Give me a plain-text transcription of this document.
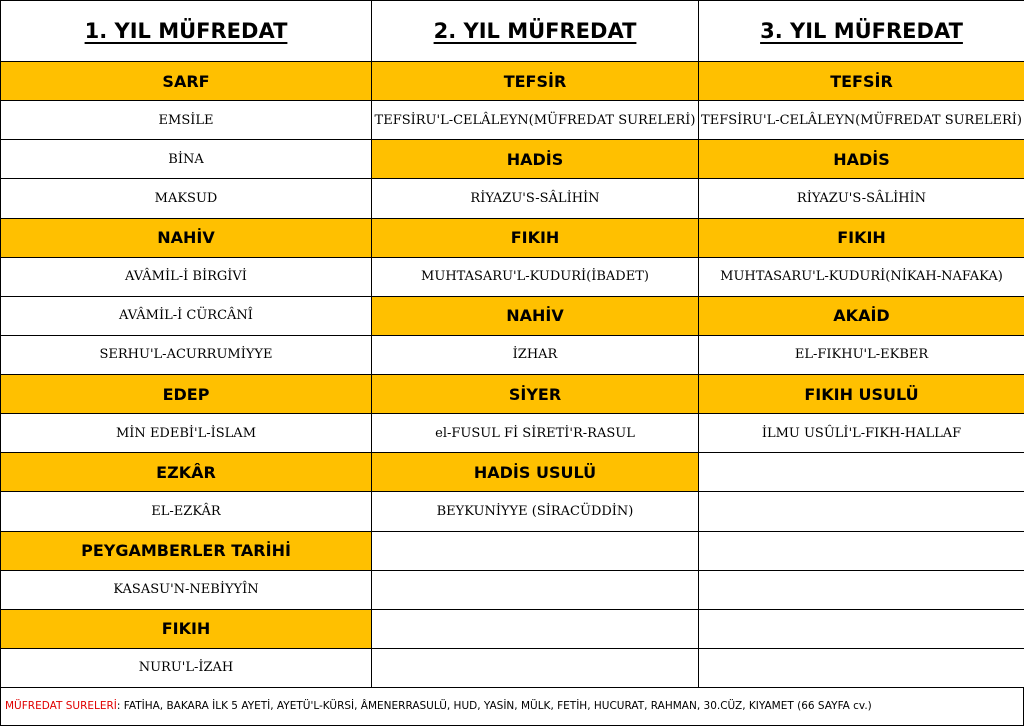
1. YIL MÜFREDAT	2. YIL MÜFREDAT	3. YIL MÜFREDAT
SARF
EMSİLE
BİNA
MAKSUD
NAHİV
AVÂMİL-İ BİRGİVİ
AVÂMİL-İ CÜRCÂNÎ
SERHU'L-ACURRUMİYYE
EDEP
MİN EDEBİ'L-İSLAM
EZKÂR
EL-EZKÂR
PEYGAMBERLER TARİHİ
KASASU'N-NEBİYYÎN
FIKIH
NURU'L-İZAH
TEFSİR
TEFSİRU'L-CELÂLEYN(MÜFREDAT SURELERİ)
HADİS
RİYAZU'S-SÂLİHİN
FIKIH
MUHTASARU'L-KUDURİ(İBADET)
NAHİV
İZHAR
SİYER
el-FUSUL Fİ SİRETİ'R-RASUL
HADİS USULÜ
BEYKUNİYYE (SİRACÜDDİN)
TEFSİR
TEFSİRU'L-CELÂLEYN(MÜFREDAT SURELERİ)
HADİS
RİYAZU'S-SÂLİHİN
FIKIH
MUHTASARU'L-KUDURİ(NİKAH-NAFAKA)
AKAİD
EL-FIKHU'L-EKBER
FIKIH USULÜ
İLMU USÛLİ'L-FIKH-HALLAF
MÜFREDAT SURELERİ : FATİHA, BAKARA İLK 5 AYETİ, AYETÜ'L-KÜRSİ, ÂMENERRASULÜ, HUD, YASİN, MÜLK, FETİH, HUCURAT, RAHMAN, 30.CÜZ, KIYAMET (66 SAYFA cv.)
